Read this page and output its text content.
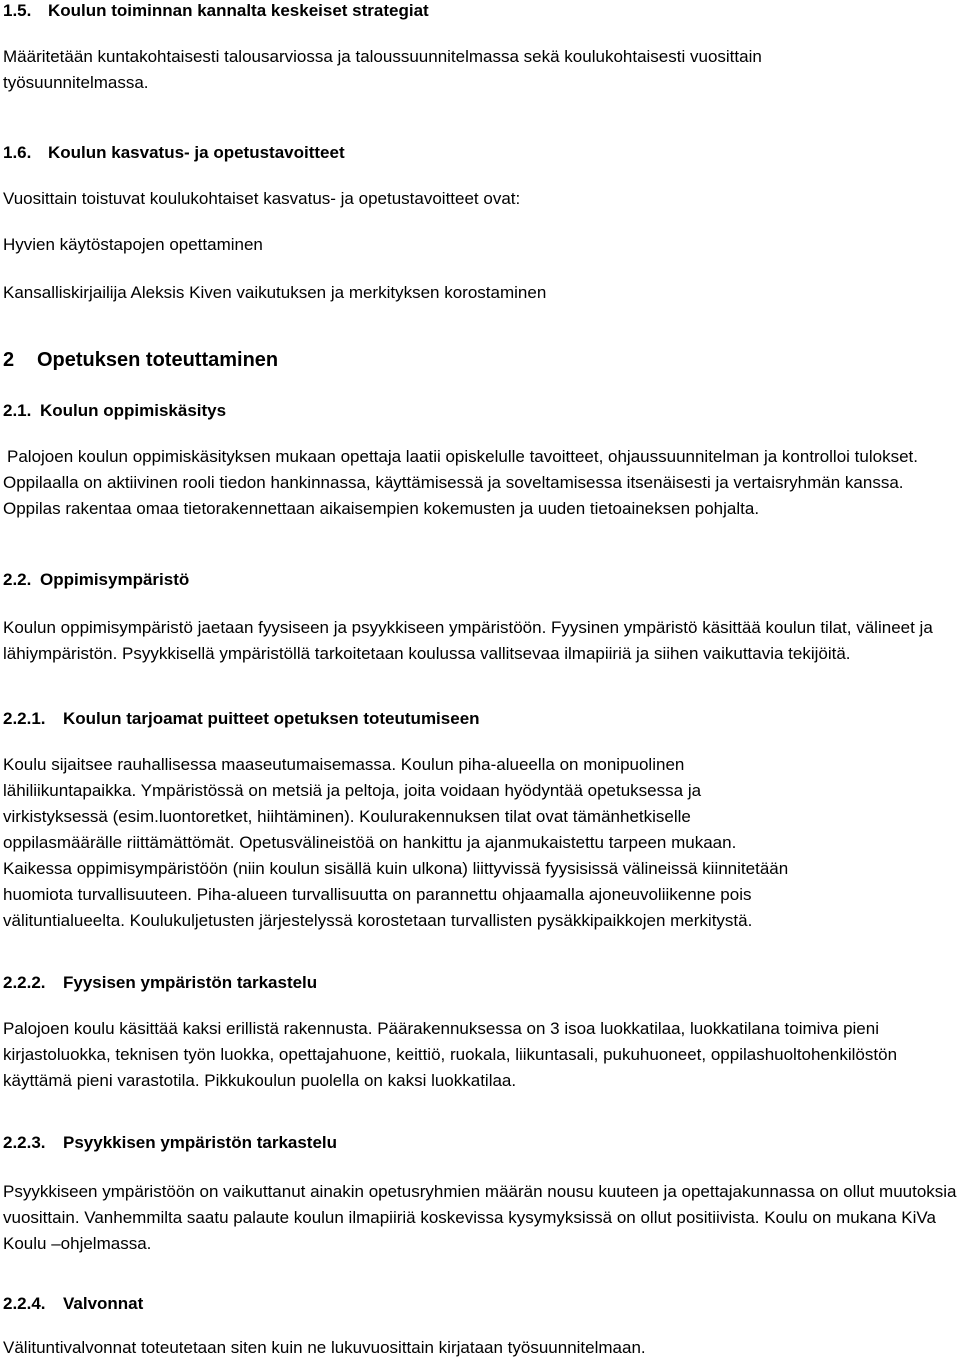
1.5. Koulun toiminnan kannalta keskeiset strategiat

Määritetään kuntakohtaisesti talousarviossa ja taloussuunnitelmassa sekä koulukohtaisesti vuosittain työsuunnitelmassa.

1.6. Koulun kasvatus- ja opetustavoitteet

Vuosittain toistuvat koulukohtaiset kasvatus- ja opetustavoitteet ovat:

Hyvien käytöstapojen opettaminen

Kansalliskirjailija Aleksis Kiven vaikutuksen ja merkityksen korostaminen

2 Opetuksen toteuttaminen
2.1. Koulun oppimiskäsitys

Palojoen koulun oppimiskäsityksen mukaan opettaja laatii opiskelulle tavoitteet, ohjaussuunnitelman ja kontrolloi tulokset. Oppilaalla on aktiivinen rooli tiedon hankinnassa, käyttämisessä ja soveltamisessa itsenäisesti ja vertaisryhmän kanssa. Oppilas rakentaa omaa tietorakennettaan aikaisempien kokemusten ja uuden tietoaineksen pohjalta.

2.2. Oppimisympäristö

Koulun oppimisympäristö jaetaan fyysiseen ja psyykkiseen ympäristöön. Fyysinen ympäristö käsittää koulun tilat, välineet ja lähiympäristön. Psyykkisellä ympäristöllä tarkoitetaan koulussa vallitsevaa ilmapiiriä ja siihen vaikuttavia tekijöitä.

2.2.1. Koulun tarjoamat puitteet opetuksen toteutumiseen

Koulu sijaitsee rauhallisessa maaseutumaisemassa. Koulun piha-alueella on monipuolinen lähiliikuntapaikka. Ympäristössä on metsiä ja peltoja, joita voidaan hyödyntää opetuksessa ja virkistyksessä (esim.luontoretket, hiihtäminen). Koulurakennuksen tilat ovat tämänhetkiselle oppilasmäärälle riittämättömät. Opetusvälineistöä on hankittu ja ajanmukaistettu tarpeen mukaan. Kaikessa oppimisympäristöön (niin koulun sisällä kuin ulkona) liittyvissä fyysisissä välineissä kiinnitetään huomiota turvallisuuteen. Piha-alueen turvallisuutta on parannettu ohjaamalla ajoneuvoliikenne pois välituntialueelta. Koulukuljetusten järjestelyssä korostetaan turvallisten pysäkkipaikkojen merkitystä.

2.2.2. Fyysisen ympäristön tarkastelu

Palojoen koulu käsittää kaksi erillistä rakennusta. Päärakennuksessa on 3 isoa luokkatilaa, luokkatilana toimiva pieni kirjastoluokka, teknisen työn luokka, opettajahuone, keittiö, ruokala, liikuntasali, pukuhuoneet, oppilashuoltohenkilöstön käyttämä pieni varastotila. Pikkukoulun puolella on kaksi luokkatilaa.

2.2.3. Psyykkisen ympäristön tarkastelu

Psyykkiseen ympäristöön on vaikuttanut ainakin opetusryhmien määrän nousu kuuteen ja opettajakunnassa on ollut muutoksia vuosittain. Vanhemmilta saatu palaute koulun ilmapiiriä koskevissa kysymyksissä on ollut positiivista. Koulu on mukana KiVa Koulu –ohjelmassa.

2.2.4. Valvonnat

Välituntivalvonnat toteutetaan siten kuin ne lukuvuosittain kirjataan työsuunnitelmaan.
